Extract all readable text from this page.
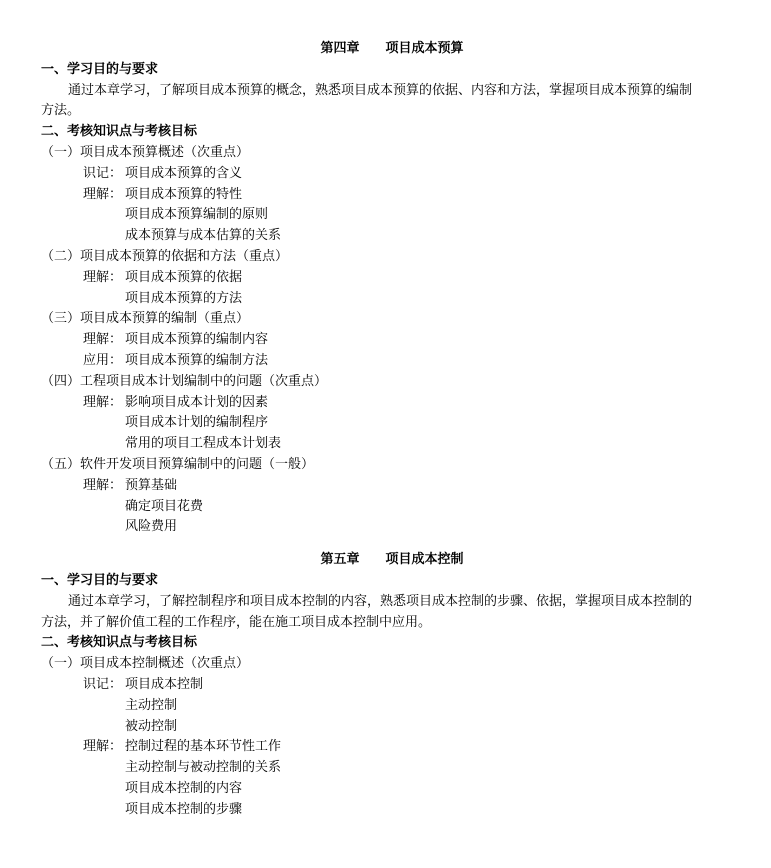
第四章　　项目成本预算
一、学习目的与要求
通过本章学习，了解项目成本预算的概念，熟悉项目成本预算的依据、内容和方法，掌握项目成本预算的编制
方法。
二、考核知识点与考核目标
（一）项目成本预算概述（次重点）
识记： 项目成本预算的含义
理解： 项目成本预算的特性
项目成本预算编制的原则
成本预算与成本估算的关系
（二）项目成本预算的依据和方法（重点）
理解： 项目成本预算的依据
项目成本预算的方法
（三）项目成本预算的编制（重点）
理解： 项目成本预算的编制内容
应用： 项目成本预算的编制方法
（四）工程项目成本计划编制中的问题（次重点）
理解： 影响项目成本计划的因素
项目成本计划的编制程序
常用的项目工程成本计划表
（五）软件开发项目预算编制中的问题（一般）
理解： 预算基础
确定项目花费
风险费用
第五章　　项目成本控制
一、学习目的与要求
通过本章学习，了解控制程序和项目成本控制的内容，熟悉项目成本控制的步骤、依据，掌握项目成本控制的
方法，并了解价值工程的工作程序，能在施工项目成本控制中应用。
二、考核知识点与考核目标
（一）项目成本控制概述（次重点）
识记： 项目成本控制
主动控制
被动控制
理解： 控制过程的基本环节性工作
主动控制与被动控制的关系
项目成本控制的内容
项目成本控制的步骤
